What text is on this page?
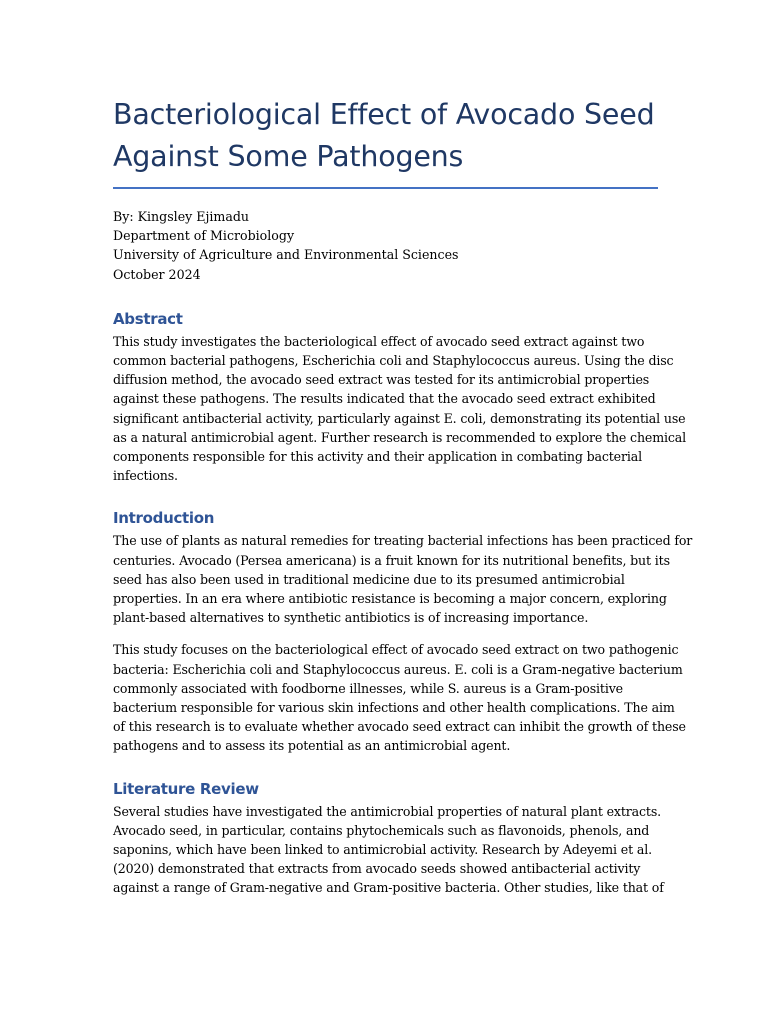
Bacteriological Effect of Avocado Seed
Against Some Pathogens
By: Kingsley Ejimadu
Department of Microbiology
University of Agriculture and Environmental Sciences
October 2024
Abstract

This study investigates the bacteriological effect of avocado seed extract against two
common bacterial pathogens, Escherichia coli and Staphylococcus aureus. Using the disc
diffusion method, the avocado seed extract was tested for its antimicrobial properties
against these pathogens. The results indicated that the avocado seed extract exhibited
significant antibacterial activity, particularly against E. coli, demonstrating its potential use
as a natural antimicrobial agent. Further research is recommended to explore the chemical
components responsible for this activity and their application in combating bacterial
infections.

Introduction

The use of plants as natural remedies for treating bacterial infections has been practiced for
centuries. Avocado (Persea americana) is a fruit known for its nutritional benefits, but its
seed has also been used in traditional medicine due to its presumed antimicrobial
properties. In an era where antibiotic resistance is becoming a major concern, exploring
plant-based alternatives to synthetic antibiotics is of increasing importance.

This study focuses on the bacteriological effect of avocado seed extract on two pathogenic
bacteria: Escherichia coli and Staphylococcus aureus. E. coli is a Gram-negative bacterium
commonly associated with foodborne illnesses, while S. aureus is a Gram-positive
bacterium responsible for various skin infections and other health complications. The aim
of this research is to evaluate whether avocado seed extract can inhibit the growth of these
pathogens and to assess its potential as an antimicrobial agent.

Literature Review

Several studies have investigated the antimicrobial properties of natural plant extracts.
Avocado seed, in particular, contains phytochemicals such as flavonoids, phenols, and
saponins, which have been linked to antimicrobial activity. Research by Adeyemi et al.
(2020) demonstrated that extracts from avocado seeds showed antibacterial activity
against a range of Gram-negative and Gram-positive bacteria. Other studies, like that of
